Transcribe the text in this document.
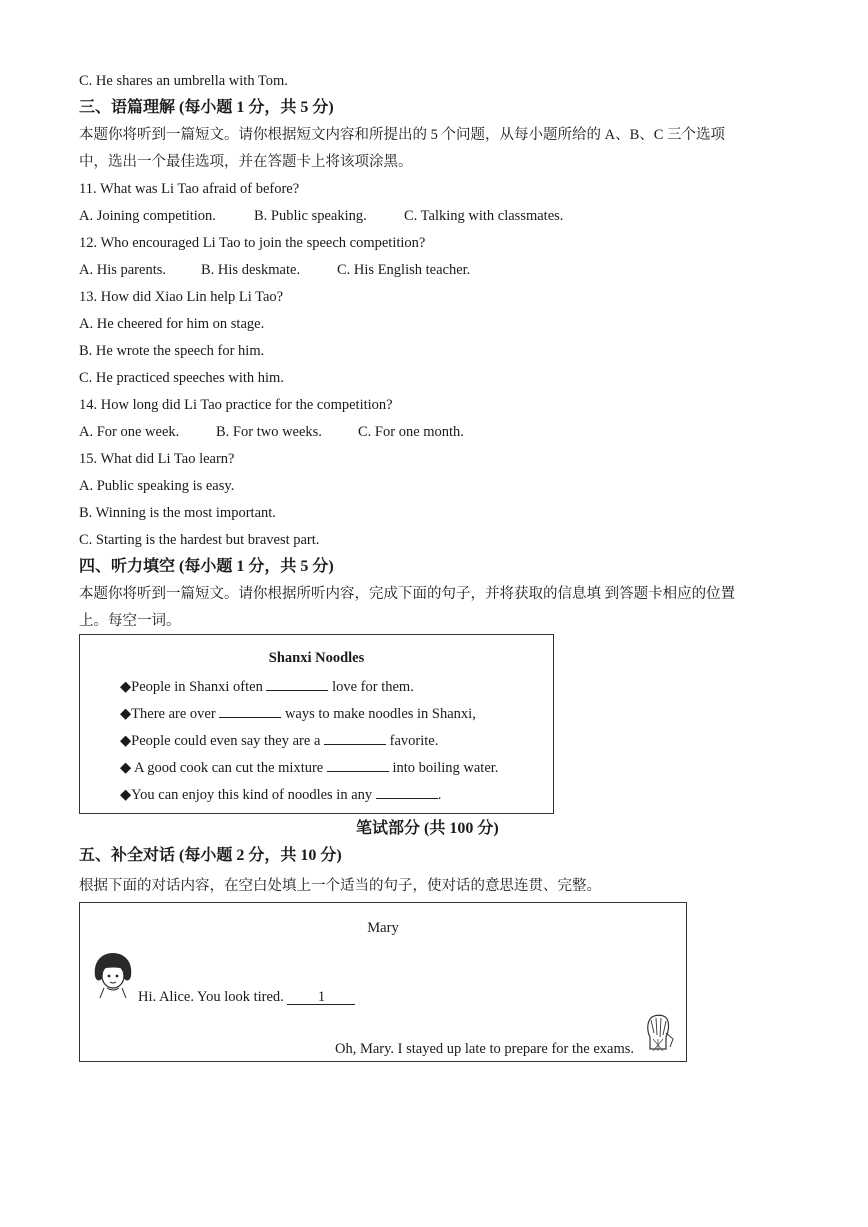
C. He shares an umbrella with Tom.
三、语篇理解 (每小题 1 分，共 5 分)
本题你将听到一篇短文。请你根据短文内容和所提出的 5 个问题，从每小题所给的 A、B、C 三个选项
中，选出一个最佳选项，并在答题卡上将该项涂黑。
11. What was Li Tao afraid of before?
A. Joining competition.	B. Public speaking.	C. Talking with classmates.
12. Who encouraged Li Tao to join the speech competition?
A. His parents. B. His deskmate.	C. His English teacher.
13. How did Xiao Lin help Li Tao?
A. He cheered for him on stage.
B. He wrote the speech for him.
C. He practiced speeches with him.
14. How long did Li Tao practice for the competition?
A. For one week.	B. For two weeks. C. For one month.
15. What did Li Tao learn?
A. Public speaking is easy.
B. Winning is the most important.
C. Starting is the hardest but bravest part.
四、听力填空 (每小题 1 分，共 5 分)
本题你将听到一篇短文。请你根据所听内容，完成下面的句子，并将获取的信息填 到答题卡相应的位置
上。每空一词。
Shanxi Noodles
◆People in Shanxi often	love for them.
◆There are over	ways to make noodles in Shanxi,
◆People could even say they are a	favorite.
◆ A good cook can cut the mixture	into boiling water.
◆You can enjoy this kind of noodles in any	.
笔试部分 (共 100 分)
五、补全对话 (每小题 2 分，共 10 分)
根据下面的对话内容，在空白处填上一个适当的句子，使对话的意思连贯、完整。
Mary
Hi. Alice. You look tired. 1
Oh, Mary. I stayed up late to prepare for the exams.
